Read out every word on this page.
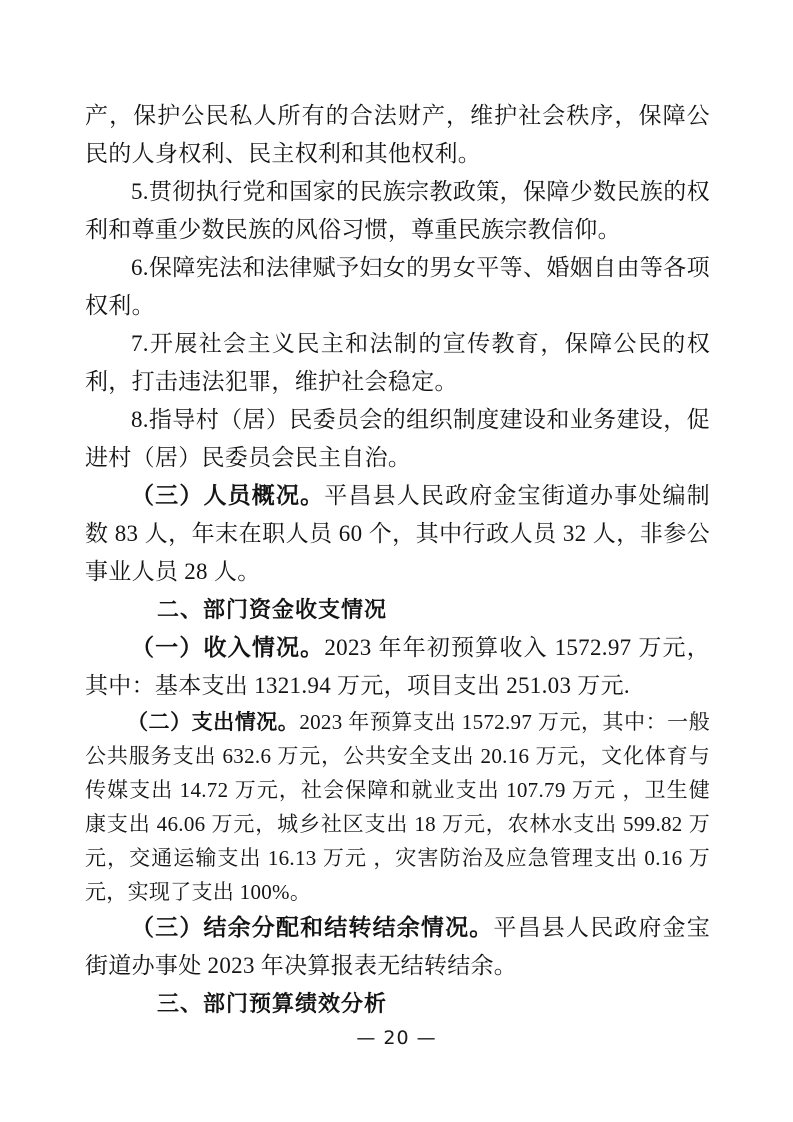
产，保护公民私人所有的合法财产，维护社会秩序，保障公民的人身权利、民主权利和其他权利。

5.贯彻执行党和国家的民族宗教政策，保障少数民族的权利和尊重少数民族的风俗习惯，尊重民族宗教信仰。

6.保障宪法和法律赋予妇女的男女平等、婚姻自由等各项权利。

7.开展社会主义民主和法制的宣传教育，保障公民的权利，打击违法犯罪，维护社会稳定。

8.指导村（居）民委员会的组织制度建设和业务建设，促进村（居）民委员会民主自治。

（三）人员概况。平昌县人民政府金宝街道办事处编制数 83 人，年末在职人员 60 个，其中行政人员 32 人，非参公事业人员 28 人。

二、部门资金收支情况

（一）收入情况。2023 年年初预算收入 1572.97 万元，其中：基本支出 1321.94 万元，项目支出 251.03 万元.

（二）支出情况。2023 年预算支出 1572.97 万元，其中：一般公共服务支出 632.6 万元，公共安全支出 20.16 万元，文化体育与传媒支出 14.72 万元，社会保障和就业支出 107.79 万元 ，卫生健康支出 46.06 万元，城乡社区支出 18 万元，农林水支出 599.82 万元，交通运输支出 16.13 万元 ，灾害防治及应急管理支出 0.16 万元，实现了支出 100%。

（三）结余分配和结转结余情况。平昌县人民政府金宝街道办事处 2023 年决算报表无结转结余。

三、部门预算绩效分析
— 20 —
